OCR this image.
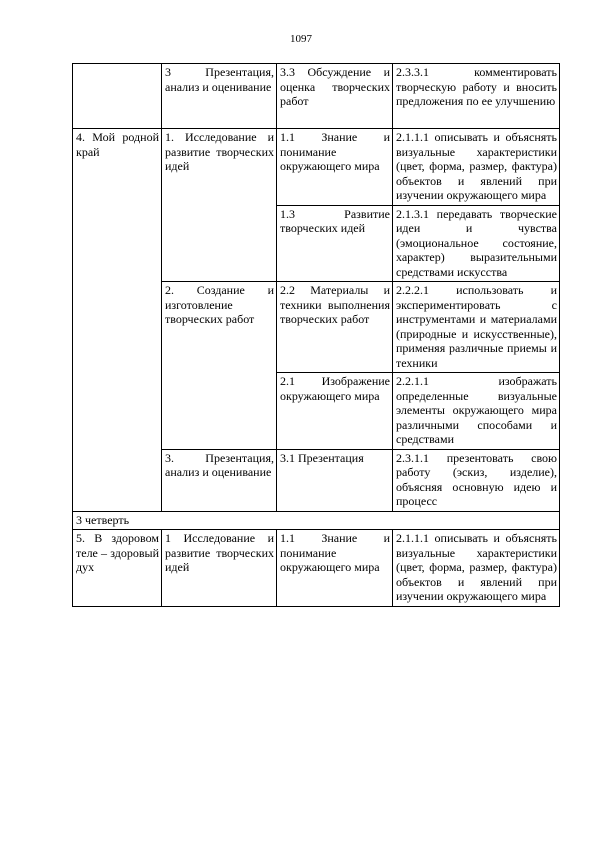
1097
	3 Презентация, анализ и оценивание	3.3 Обсуждение и оценка творческих работ	2.3.3.1 комментировать творческую работу и вносить предложения по ее улучшению
4. Мой родной край	1. Исследование и развитие творческих идей	1.1 Знание и понимание окружающего мира	2.1.1.1 описывать и объяснять визуальные характеристики (цвет, форма, размер, фактура) объектов и явлений при изучении окружающего мира
		1.3 Развитие творческих идей	2.1.3.1 передавать творческие идеи и чувства (эмоциональное состояние, характер) выразительными средствами искусства
	2. Создание и изготовление творческих работ	2.2 Материалы и техники выполнения творческих работ	2.2.2.1 использовать и экспериментировать с инструментами и материалами (природные и искусственные), применяя различные приемы и техники
		2.1 Изображение окружающего мира	2.2.1.1 изображать определенные визуальные элементы окружающего мира различными способами и средствами
	3. Презентация, анализ и оценивание	3.1 Презентация	2.3.1.1 презентовать свою работу (эскиз, изделие), объясняя основную идею и процесс
3 четверть			
5. В здоровом теле – здоровый дух	1 Исследование и развитие творческих идей	1.1 Знание и понимание окружающего мира	2.1.1.1 описывать и объяснять визуальные характеристики (цвет, форма, размер, фактура) объектов и явлений при изучении окружающего мира
